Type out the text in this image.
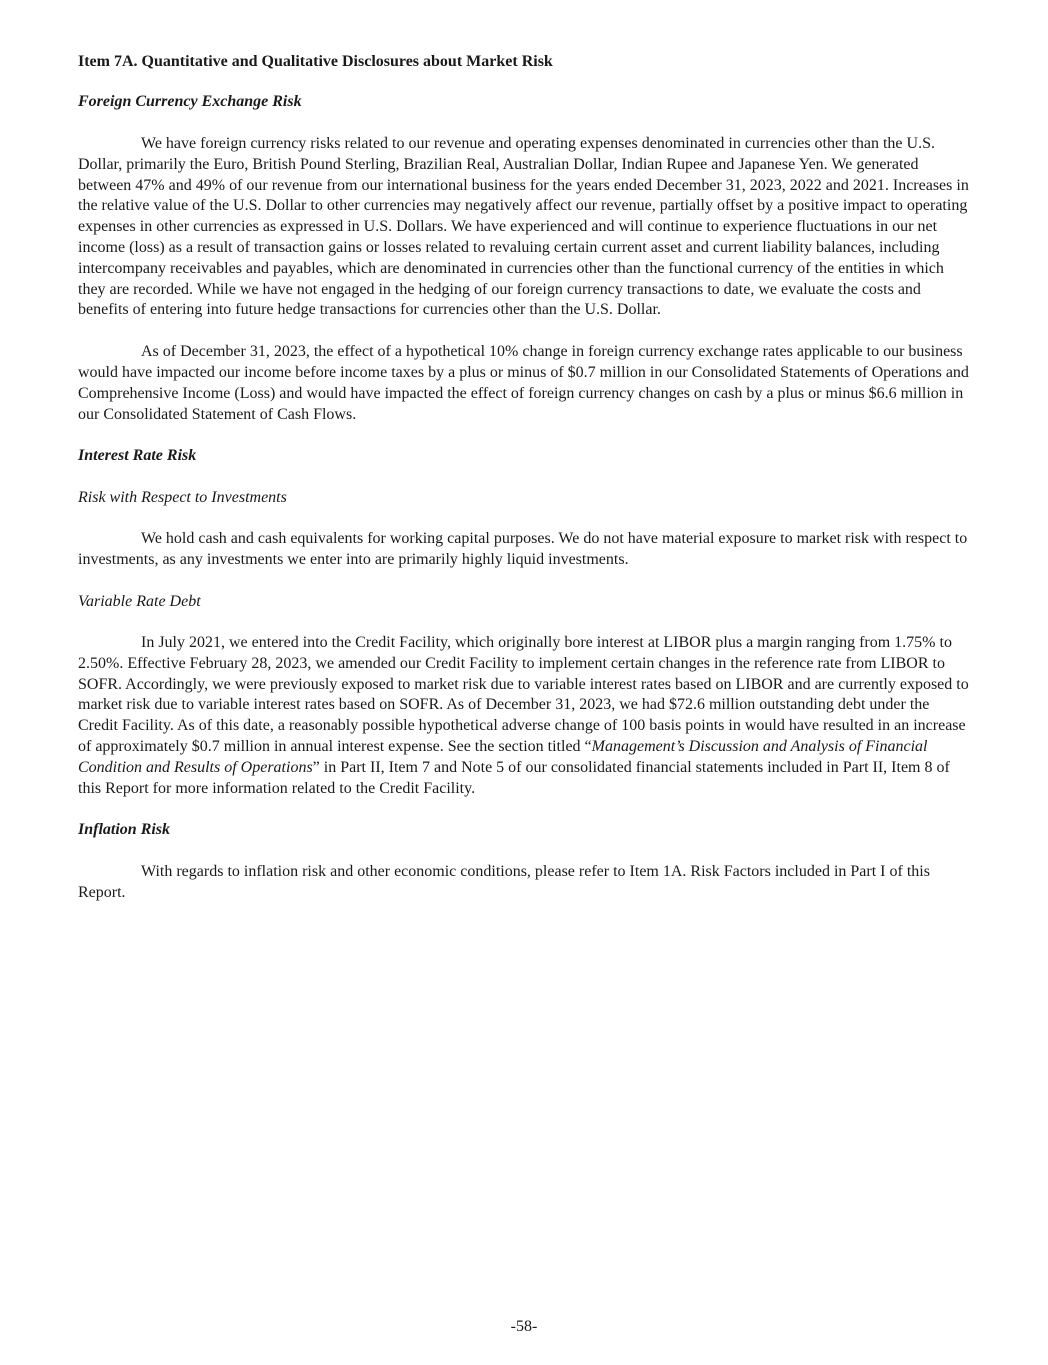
Item 7A. Quantitative and Qualitative Disclosures about Market Risk
Foreign Currency Exchange Risk

We have foreign currency risks related to our revenue and operating expenses denominated in currencies other than the U.S. Dollar, primarily the Euro, British Pound Sterling, Brazilian Real, Australian Dollar, Indian Rupee and Japanese Yen. We generated between 47% and 49% of our revenue from our international business for the years ended December 31, 2023, 2022 and 2021. Increases in the relative value of the U.S. Dollar to other currencies may negatively affect our revenue, partially offset by a positive impact to operating expenses in other currencies as expressed in U.S. Dollars. We have experienced and will continue to experience fluctuations in our net income (loss) as a result of transaction gains or losses related to revaluing certain current asset and current liability balances, including intercompany receivables and payables, which are denominated in currencies other than the functional currency of the entities in which they are recorded. While we have not engaged in the hedging of our foreign currency transactions to date, we evaluate the costs and benefits of entering into future hedge transactions for currencies other than the U.S. Dollar.

As of December 31, 2023, the effect of a hypothetical 10% change in foreign currency exchange rates applicable to our business would have impacted our income before income taxes by a plus or minus of $0.7 million in our Consolidated Statements of Operations and Comprehensive Income (Loss) and would have impacted the effect of foreign currency changes on cash by a plus or minus $6.6 million in our Consolidated Statement of Cash Flows.

Interest Rate Risk
Risk with Respect to Investments

We hold cash and cash equivalents for working capital purposes. We do not have material exposure to market risk with respect to investments, as any investments we enter into are primarily highly liquid investments.

Variable Rate Debt

In July 2021, we entered into the Credit Facility, which originally bore interest at LIBOR plus a margin ranging from 1.75% to 2.50%. Effective February 28, 2023, we amended our Credit Facility to implement certain changes in the reference rate from LIBOR to SOFR. Accordingly, we were previously exposed to market risk due to variable interest rates based on LIBOR and are currently exposed to market risk due to variable interest rates based on SOFR. As of December 31, 2023, we had $72.6 million outstanding debt under the Credit Facility. As of this date, a reasonably possible hypothetical adverse change of 100 basis points in would have resulted in an increase of approximately $0.7 million in annual interest expense. See the section titled “Management’s Discussion and Analysis of Financial Condition and Results of Operations” in Part II, Item 7 and Note 5 of our consolidated financial statements included in Part II, Item 8 of this Report for more information related to the Credit Facility.

Inflation Risk

With regards to inflation risk and other economic conditions, please refer to Item 1A. Risk Factors included in Part I of this Report.

-58-
